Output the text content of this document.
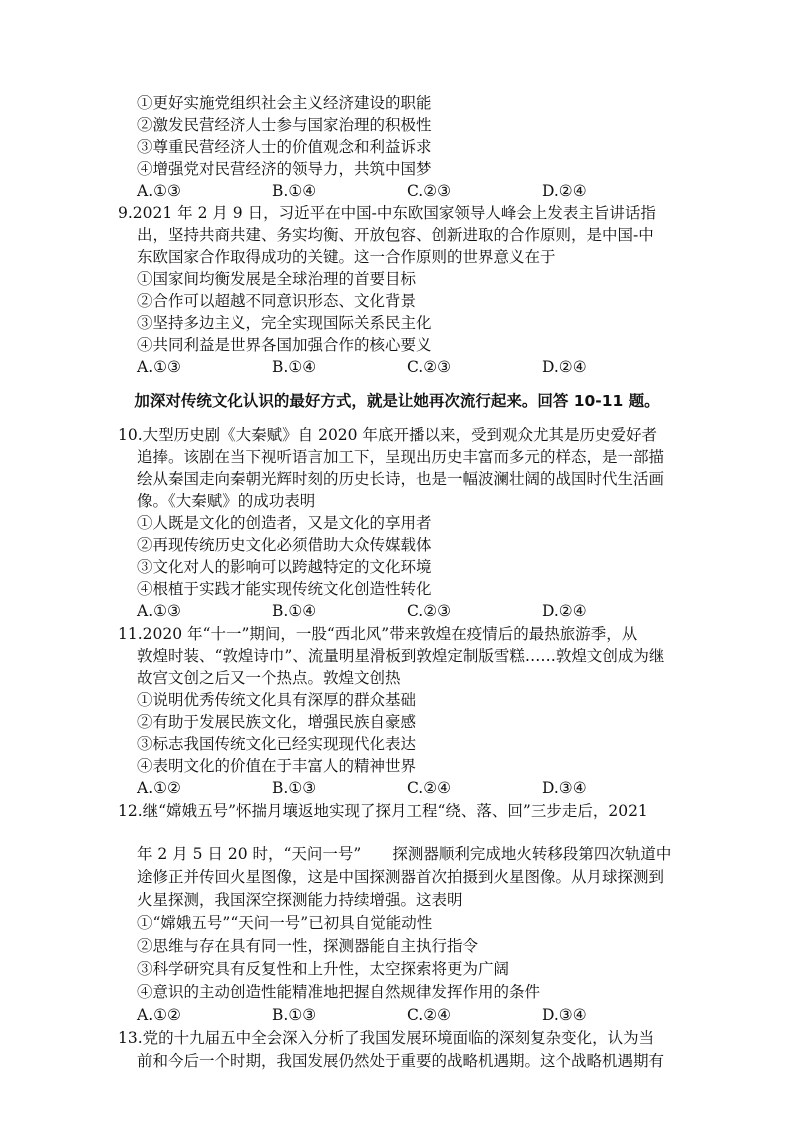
①更好实施党组织社会主义经济建设的职能
②激发民营经济人士参与国家治理的积极性
③尊重民营经济人士的价值观念和利益诉求
④增强党对民营经济的领导力，共筑中国梦
A.①③	B.①④	C.②③	D.②④
9.2021 年 2 月 9 日，习近平在中国-中东欧国家领导人峰会上发表主旨讲话指
出，坚持共商共建、务实均衡、开放包容、创新进取的合作原则，是中国-中
东欧国家合作取得成功的关键。这一合作原则的世界意义在于
①国家间均衡发展是全球治理的首要目标
②合作可以超越不同意识形态、文化背景
③坚持多边主义，完全实现国际关系民主化
④共同利益是世界各国加强合作的核心要义
A.①③	B.①④	C.②③	D.②④
加深对传统文化认识的最好方式，就是让她再次流行起来。回答 10-11 题。
10.大型历史剧《大秦赋》自 2020 年底开播以来，受到观众尤其是历史爱好者
追捧。该剧在当下视听语言加工下，呈现出历史丰富而多元的样态，是一部描
绘从秦国走向秦朝光辉时刻的历史长诗，也是一幅波澜壮阔的战国时代生活画
像。《大秦赋》的成功表明
①人既是文化的创造者，又是文化的享用者
②再现传统历史文化必须借助大众传媒载体
③文化对人的影响可以跨越特定的文化环境
④根植于实践才能实现传统文化创造性转化
A.①③	B.①④	C.②③	D.②④
11.2020 年“十一”期间，一股“西北风”带来敦煌在疫情后的最热旅游季，从
敦煌时装、“敦煌诗巾”、流量明星滑板到敦煌定制版雪糕……敦煌文创成为继
故宫文创之后又一个热点。敦煌文创热
①说明优秀传统文化具有深厚的群众基础
②有助于发展民族文化，增强民族自豪感
③标志我国传统文化已经实现现代化表达
④表明文化的价值在于丰富人的精神世界
A.①②	B.①③	C.②④	D.③④
12.继“嫦娥五号”怀揣月壤返地实现了探月工程“绕、落、回”三步走后，2021
年 2 月 5 日 20 时，“天问一号”　　探测器顺利完成地火转移段第四次轨道中
途修正并传回火星图像，这是中国探测器首次拍摄到火星图像。从月球探测到
火星探测，我国深空探测能力持续增强。这表明
①“嫦娥五号”“天问一号”已初具自觉能动性
②思维与存在具有同一性，探测器能自主执行指令
③科学研究具有反复性和上升性，太空探索将更为广阔
④意识的主动创造性能精准地把握自然规律发挥作用的条件
A.①②	B.①③	C.②④	D.③④
13.党的十九届五中全会深入分析了我国发展环境面临的深刻复杂变化，认为当
前和今后一个时期，我国发展仍然处于重要的战略机遇期。这个战略机遇期有
